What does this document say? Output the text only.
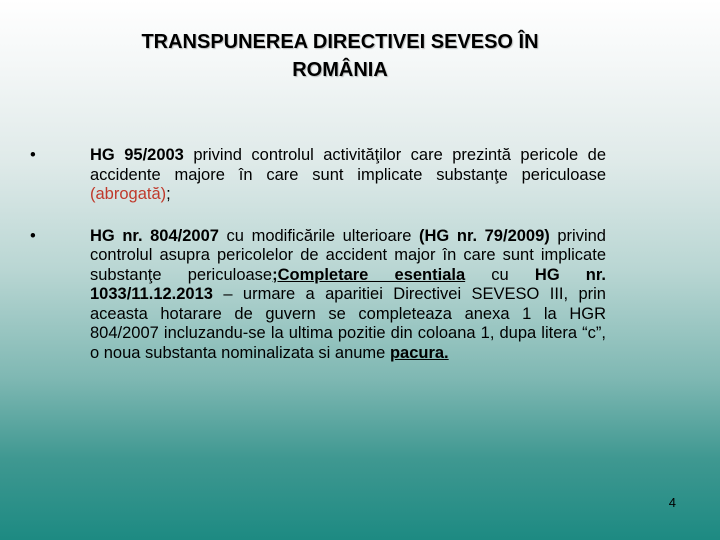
TRANSPUNEREA DIRECTIVEI SEVESO ÎN
ROMÂNIA
•	HG 95/2003 privind controlul activităţilor care prezintă pericole de accidente majore în care sunt implicate substanţe periculoase (abrogată);
•	HG nr. 804/2007 cu modificările ulterioare (HG nr. 79/2009) privind controlul asupra pericolelor de accident major în care sunt implicate substanţe periculoase;Completare esentiala cu HG nr. 1033/11.12.2013 – urmare a aparitiei Directivei SEVESO III, prin aceasta hotarare de guvern se completeaza anexa 1 la HGR 804/2007 incluzandu-se la ultima pozitie din coloana 1, dupa litera “c”, o noua substanta nominalizata si anume pacura.
4
